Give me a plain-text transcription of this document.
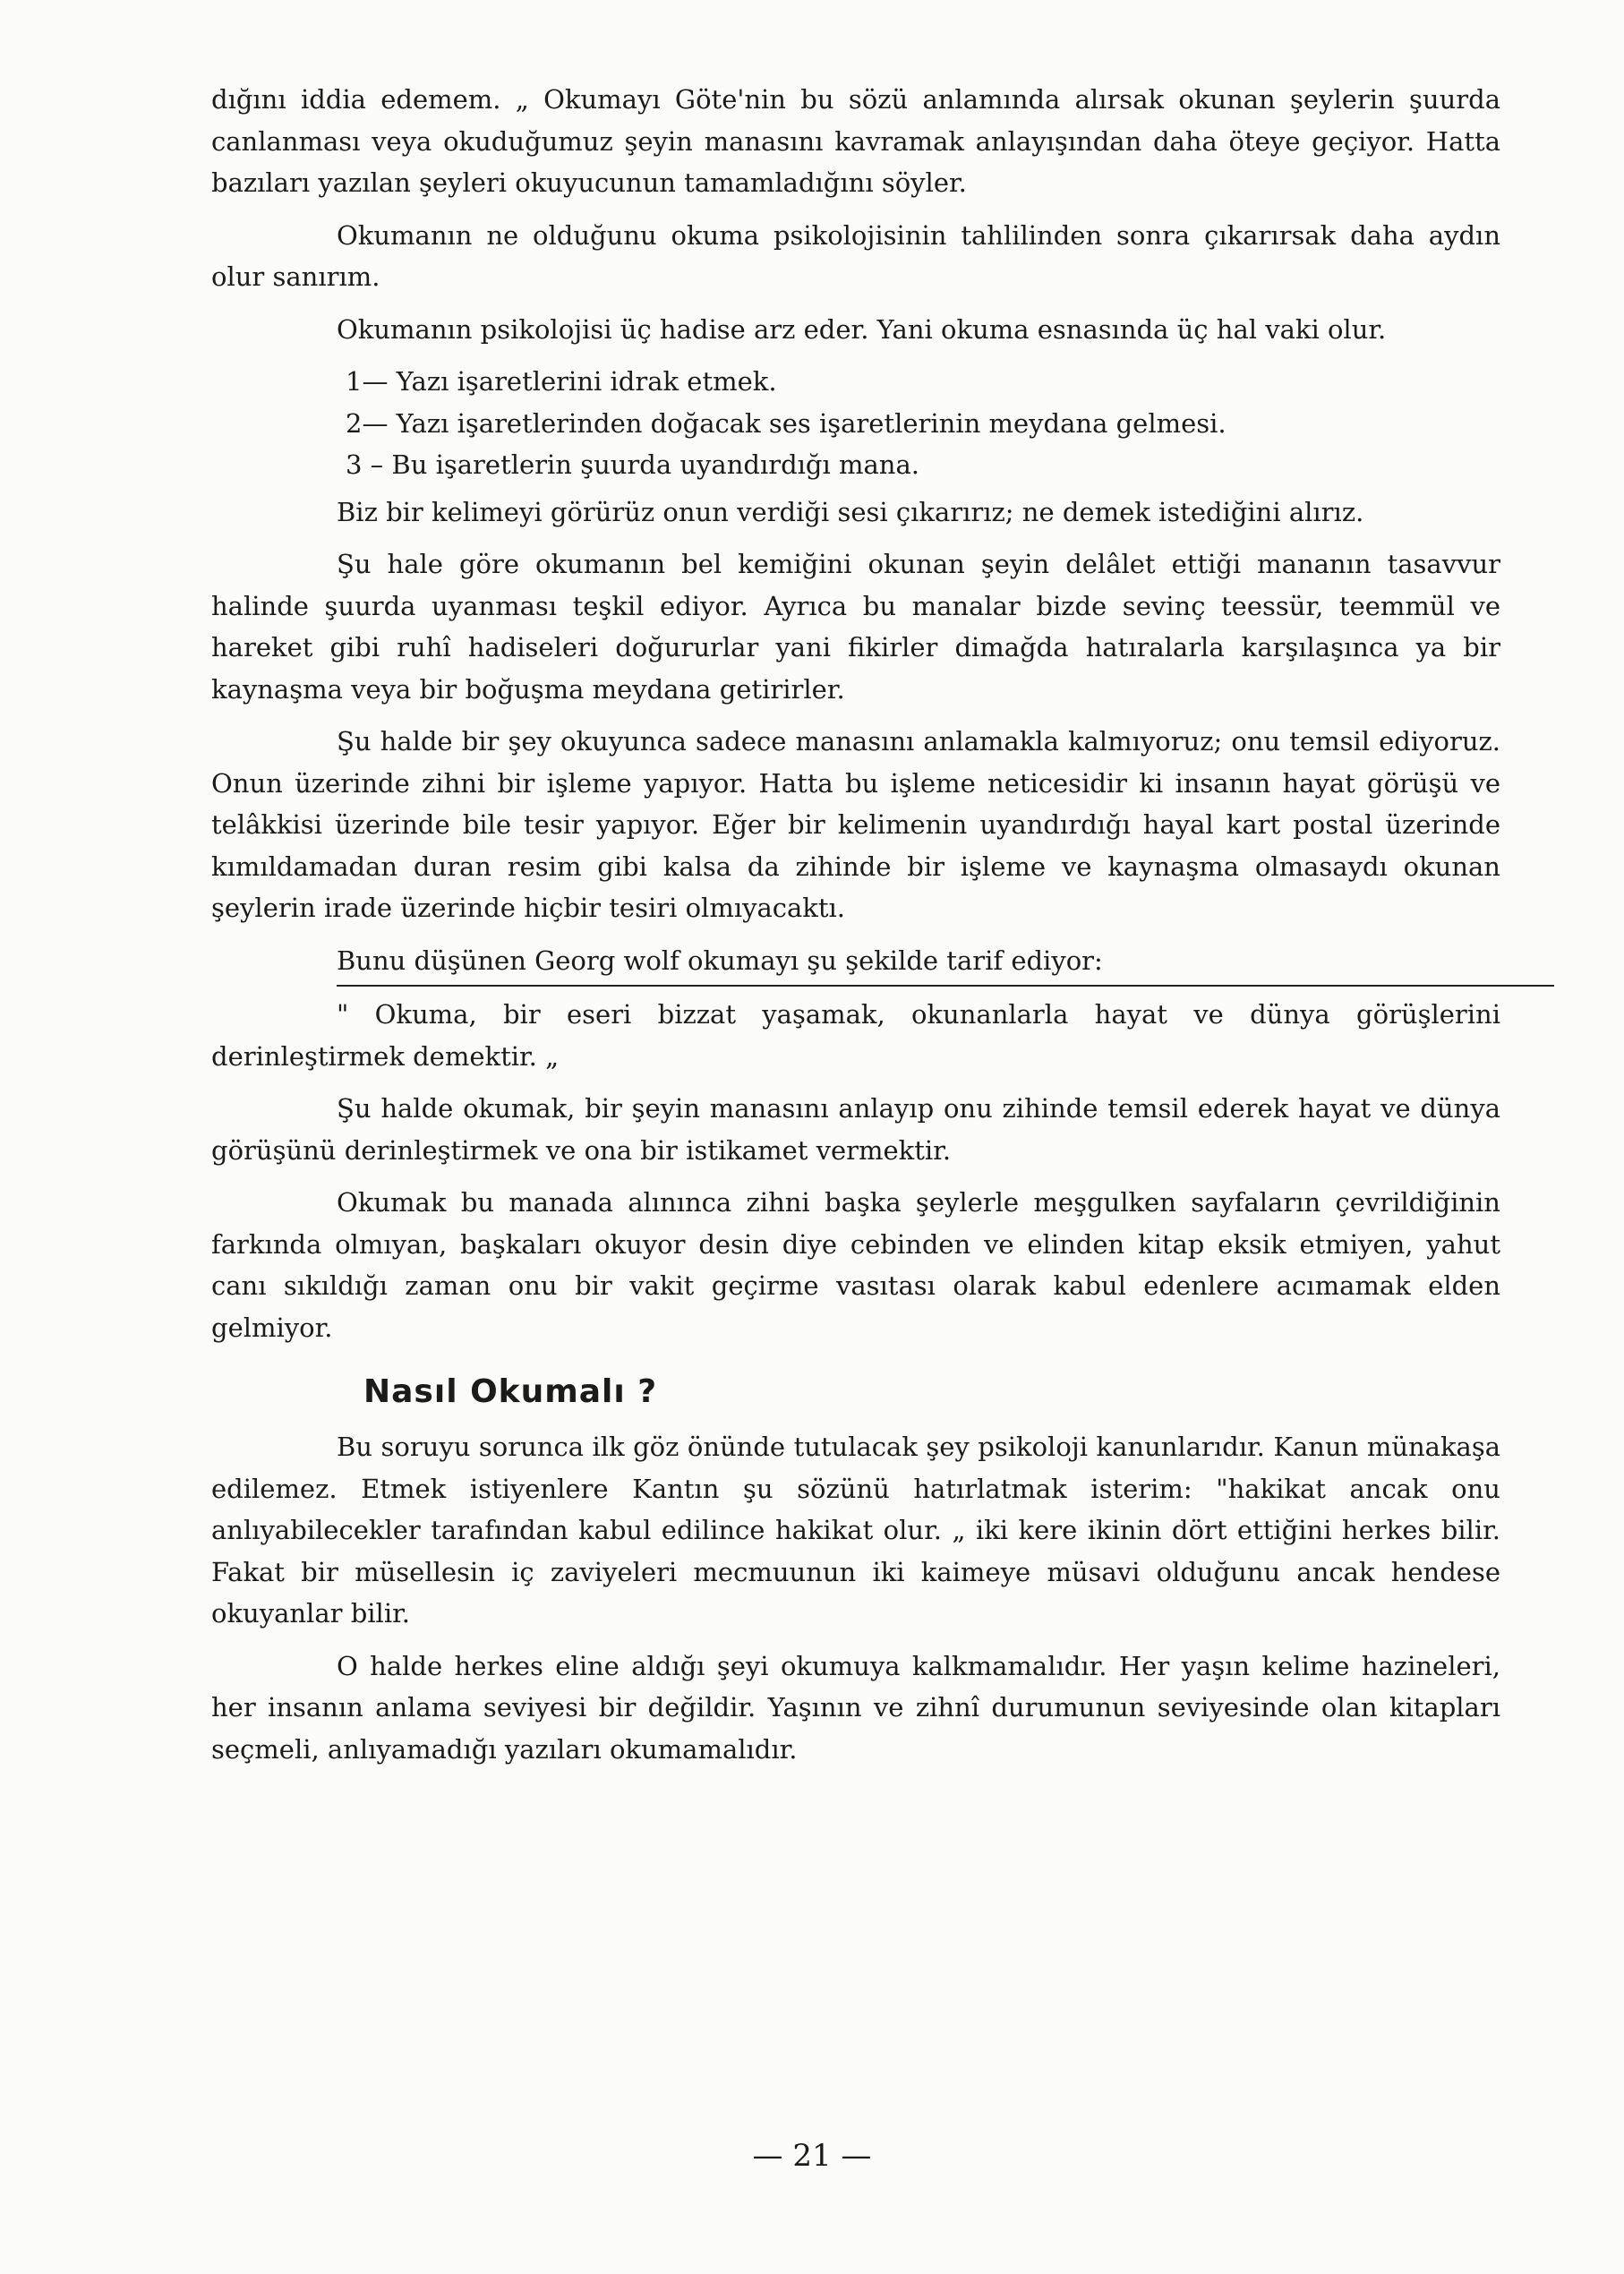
dığını iddia edemem. „ Okumayı Göte'nin bu sözü anlamında alırsak okunan şeylerin şuurda canlanması veya okuduğumuz şeyin manasını kavramak anlayışından daha öteye geçiyor. Hatta bazıları yazılan şeyleri okuyucunun tamamladığını söyler.

Okumanın ne olduğunu okuma psikolojisinin tahlilinden sonra çıkarırsak daha aydın olur sanırım.

Okumanın psikolojisi üç hadise arz eder. Yani okuma esnasında üç hal vaki olur.

1— Yazı işaretlerini idrak etmek.
2— Yazı işaretlerinden doğacak ses işaretlerinin meydana gelmesi.
3 – Bu işaretlerin şuurda uyandırdığı mana.

Biz bir kelimeyi görürüz onun verdiği sesi çıkarırız; ne demek istediğini alırız.

Şu hale göre okumanın bel kemiğini okunan şeyin delâlet ettiği mananın tasavvur halinde şuurda uyanması teşkil ediyor. Ayrıca bu manalar bizde sevinç teessür, teemmül ve hareket gibi ruhî hadiseleri doğururlar yani fikirler dimağda hatıralarla karşılaşınca ya bir kaynaşma veya bir boğuşma meydana getirirler.

Şu halde bir şey okuyunca sadece manasını anlamakla kalmıyoruz; onu temsil ediyoruz. Onun üzerinde zihni bir işleme yapıyor. Hatta bu işleme neticesidir ki insanın hayat görüşü ve telâkkisi üzerinde bile tesir yapıyor. Eğer bir kelimenin uyandırdığı hayal kart postal üzerinde kımıldamadan duran resim gibi kalsa da zihinde bir işleme ve kaynaşma olmasaydı okunan şeylerin irade üzerinde hiçbir tesiri olmıyacaktı.

Bunu düşünen Georg wolf okumayı şu şekilde tarif ediyor:

" Okuma, bir eseri bizzat yaşamak, okunanlarla hayat ve dünya görüşlerini derinleştirmek demektir. „

Şu halde okumak, bir şeyin manasını anlayıp onu zihinde temsil ederek hayat ve dünya görüşünü derinleştirmek ve ona bir istikamet vermektir.

Okumak bu manada alınınca zihni başka şeylerle meşgulken sayfaların çevrildiğinin farkında olmıyan, başkaları okuyor desin diye cebinden ve elinden kitap eksik etmiyen, yahut canı sıkıldığı zaman onu bir vakit geçirme vasıtası olarak kabul edenlere acımamak elden gelmiyor.

Nasıl Okumalı ?

Bu soruyu sorunca ilk göz önünde tutulacak şey psikoloji kanunlarıdır. Kanun münakaşa edilemez. Etmek istiyenlere Kantın şu sözünü hatırlatmak isterim: "hakikat ancak onu anlıyabilecekler tarafından kabul edilince hakikat olur. „ iki kere ikinin dört ettiğini herkes bilir. Fakat bir müsellesin iç zaviyeleri mecmuunun iki kaimeye müsavi olduğunu ancak hendese okuyanlar bilir.

O halde herkes eline aldığı şeyi okumuya kalkmamalıdır. Her yaşın kelime hazineleri, her insanın anlama seviyesi bir değildir. Yaşının ve zihnî durumunun seviyesinde olan kitapları seçmeli, anlıyamadığı yazıları okumamalıdır.

— 21 —
